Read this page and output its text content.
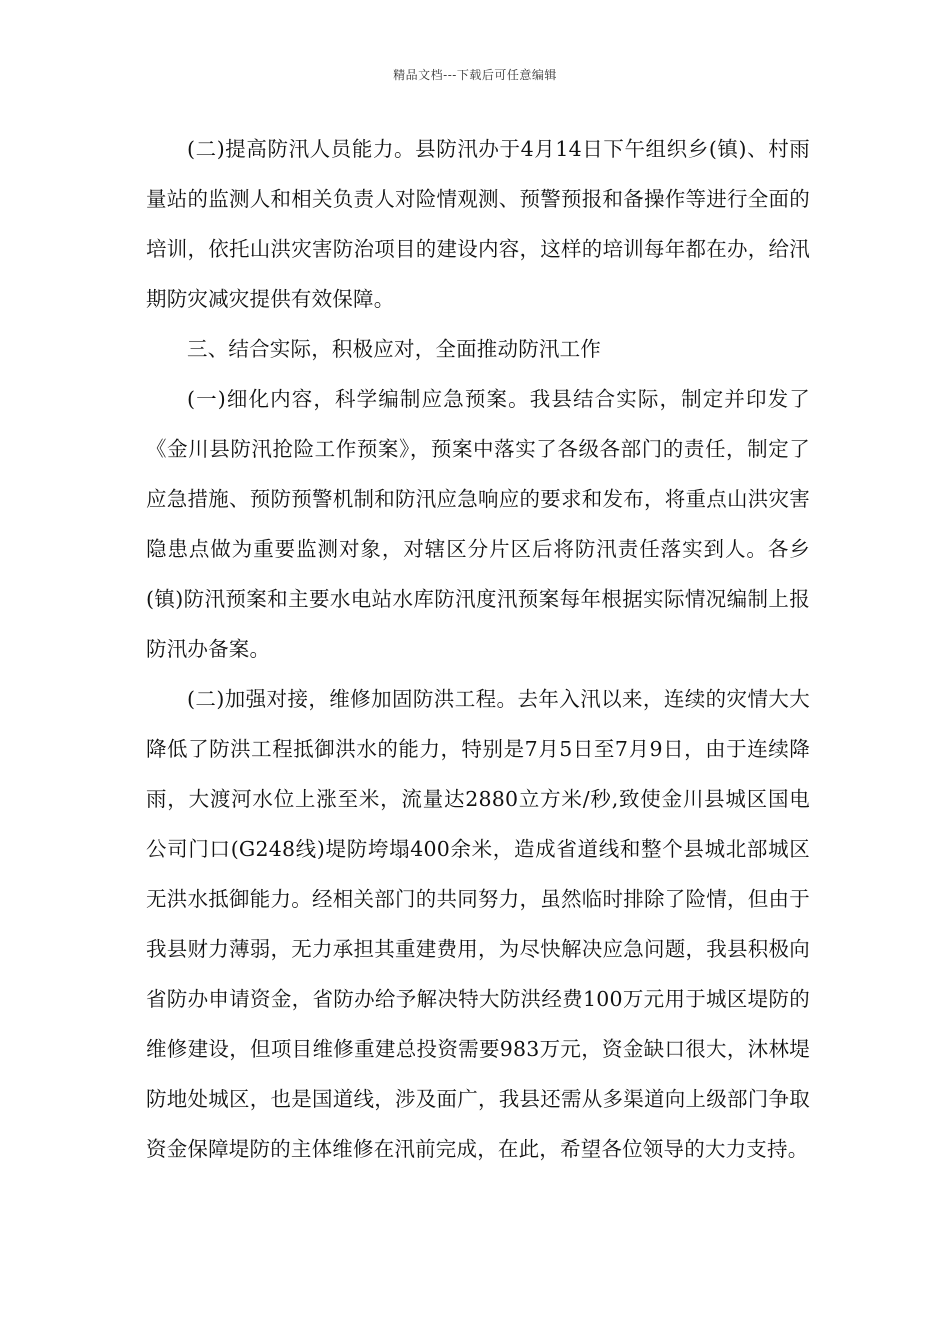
精品文档---下载后可任意编辑

(二)提高防汛人员能力。县防汛办于4月14日下午组织乡(镇)、村雨量站的监测人和相关负责人对险情观测、预警预报和备操作等进行全面的培训，依托山洪灾害防治项目的建设内容，这样的培训每年都在办，给汛期防灾减灾提供有效保障。

三、结合实际，积极应对，全面推动防汛工作

(一)细化内容，科学编制应急预案。我县结合实际，制定并印发了《金川县防汛抢险工作预案》，预案中落实了各级各部门的责任，制定了应急措施、预防预警机制和防汛应急响应的要求和发布，将重点山洪灾害隐患点做为重要监测对象，对辖区分片区后将防汛责任落实到人。各乡(镇)防汛预案和主要水电站水库防汛度汛预案每年根据实际情况编制上报防汛办备案。

(二)加强对接，维修加固防洪工程。去年入汛以来，连续的灾情大大降低了防洪工程抵御洪水的能力，特别是7月5日至7月9日，由于连续降雨，大渡河水位上涨至米，流量达2880立方米/秒,致使金川县城区国电公司门口(G248线)堤防垮塌400余米，造成省道线和整个县城北部城区无洪水抵御能力。经相关部门的共同努力，虽然临时排除了险情，但由于我县财力薄弱，无力承担其重建费用，为尽快解决应急问题，我县积极向省防办申请资金，省防办给予解决特大防洪经费100万元用于城区堤防的维修建设，但项目维修重建总投资需要983万元，资金缺口很大，沐林堤防地处城区，也是国道线，涉及面广，我县还需从多渠道向上级部门争取资金保障堤防的主体维修在汛前完成，在此，希望各位领导的大力支持。
